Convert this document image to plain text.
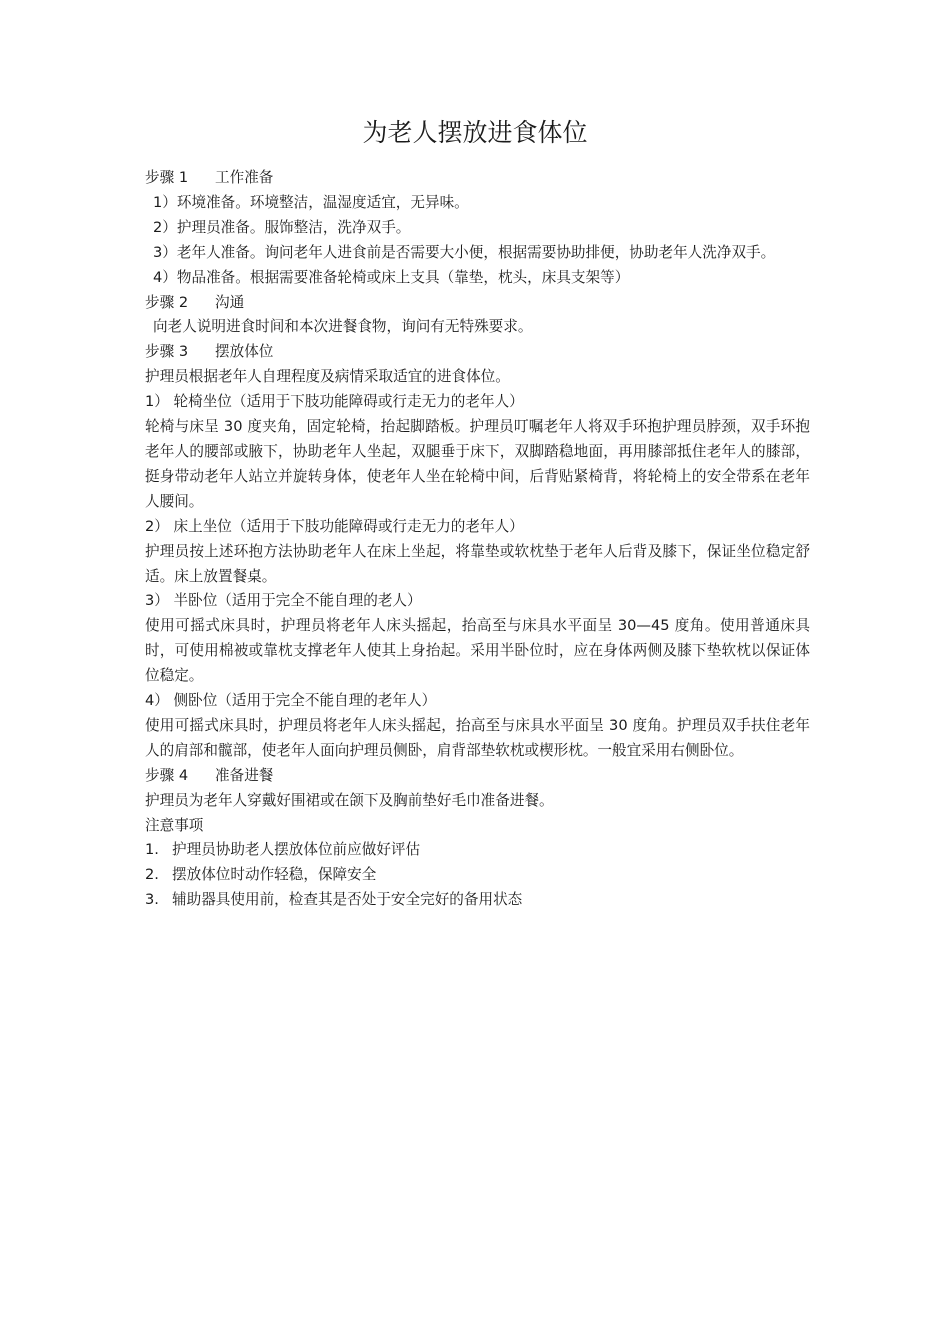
为老人摆放进食体位
步骤 1 工作准备
1）环境准备。环境整洁，温湿度适宜，无异味。
2）护理员准备。服饰整洁，洗净双手。
3）老年人准备。询问老年人进食前是否需要大小便，根据需要协助排便，协助老年人洗净双手。
4）物品准备。根据需要准备轮椅或床上支具（靠垫，枕头，床具支架等）
步骤 2 沟通
向老人说明进食时间和本次进餐食物，询问有无特殊要求。
步骤 3 摆放体位
护理员根据老年人自理程度及病情采取适宜的进食体位。
1） 轮椅坐位（适用于下肢功能障碍或行走无力的老年人）
轮椅与床呈 30 度夹角，固定轮椅，抬起脚踏板。护理员叮嘱老年人将双手环抱护理员脖颈，双手环抱老年人的腰部或腋下，协助老年人坐起，双腿垂于床下，双脚踏稳地面，再用膝部抵住老年人的膝部，挺身带动老年人站立并旋转身体，使老年人坐在轮椅中间，后背贴紧椅背，将轮椅上的安全带系在老年人腰间。
2） 床上坐位（适用于下肢功能障碍或行走无力的老年人）
护理员按上述环抱方法协助老年人在床上坐起，将靠垫或软枕垫于老年人后背及膝下，保证坐位稳定舒适。床上放置餐桌。
3） 半卧位（适用于完全不能自理的老人）
使用可摇式床具时，护理员将老年人床头摇起，抬高至与床具水平面呈 30—45 度角。使用普通床具时，可使用棉被或靠枕支撑老年人使其上身抬起。采用半卧位时，应在身体两侧及膝下垫软枕以保证体位稳定。
4） 侧卧位（适用于完全不能自理的老年人）
使用可摇式床具时，护理员将老年人床头摇起，抬高至与床具水平面呈 30 度角。护理员双手扶住老年人的肩部和髋部，使老年人面向护理员侧卧，肩背部垫软枕或楔形枕。一般宜采用右侧卧位。
步骤 4 准备进餐
护理员为老年人穿戴好围裙或在颌下及胸前垫好毛巾准备进餐。
注意事项
1. 护理员协助老人摆放体位前应做好评估
2. 摆放体位时动作轻稳，保障安全
3. 辅助器具使用前，检查其是否处于安全完好的备用状态
